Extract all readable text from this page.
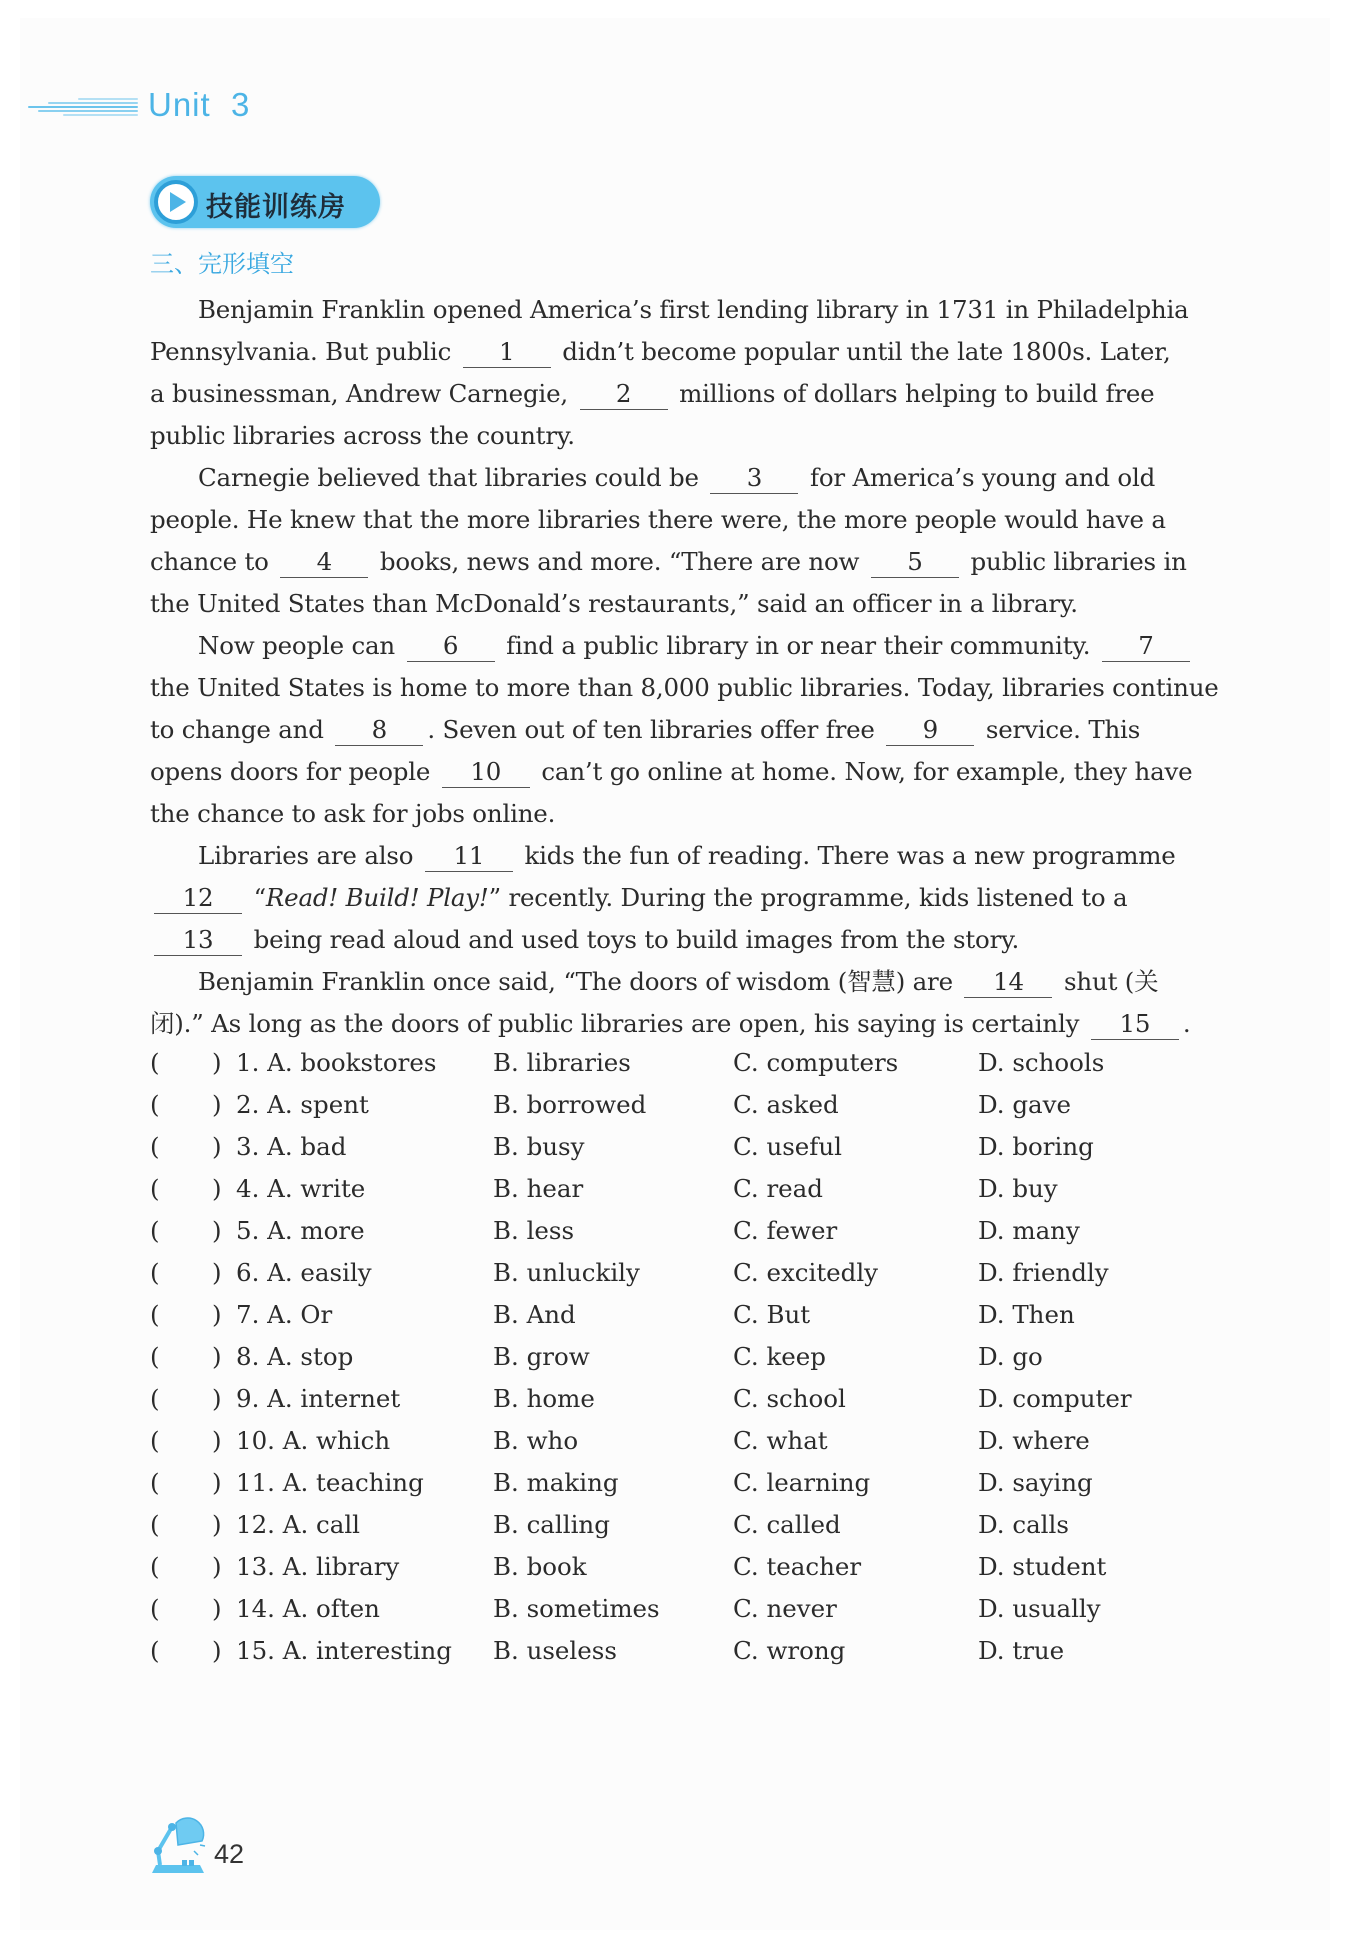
Unit  3
技能训练房
三、完形填空
Benjamin Franklin opened America’s first lending library in 1731 in Philadelphia
Pennsylvania. But public 1 didn’t become popular until the late 1800s. Later,
a businessman, Andrew Carnegie, 2 millions of dollars helping to build free
public libraries across the country.
Carnegie believed that libraries could be 3 for America’s young and old
people. He knew that the more libraries there were, the more people would have a
chance to 4 books, news and more. “There are now 5 public libraries in
the United States than McDonald’s restaurants,” said an officer in a library.
Now people can 6 find a public library in or near their community. 7
the United States is home to more than 8,000 public libraries. Today, libraries continue
to change and 8 . Seven out of ten libraries offer free 9 service. This
opens doors for people 10 can’t go online at home. Now, for example, they have
the chance to ask for jobs online.
Libraries are also 11 kids the fun of reading. There was a new programme
12 “Read! Build! Play!” recently. During the programme, kids listened to a
13 being read aloud and used toys to build images from the story.
Benjamin Franklin once said, “The doors of wisdom (智慧) are 14 shut (关
闭).” As long as the doors of public libraries are open, his saying is certainly 15 .
( ) 1. A. bookstores B. libraries	C. computers	D. schools
( ) 2. A. spent	B. borrowed	C. asked	D. gave
( ) 3. A. bad	B. busy	C. useful	D. boring
( ) 4. A. write	B. hear	C. read	D. buy
( ) 5. A. more	B. less	C. fewer	D. many
( ) 6. A. easily	B. unluckily	C. excitedly	D. friendly
( ) 7. A. Or	B. And	C. But	D. Then
( ) 8. A. stop	B. grow	C. keep	D. go
( ) 9. A. internet	B. home	C. school	D. computer
( ) 10. A. which	B. who	C. what	D. where
( ) 11. A. teaching	B. making	C. learning	D. saying
( ) 12. A. call	B. calling	C. called	D. calls
( ) 13. A. library	B. book	C. teacher	D. student
( ) 14. A. often	B. sometimes	C. never	D. usually
( ) 15. A. interesting B. useless	C. wrong	D. true
42
